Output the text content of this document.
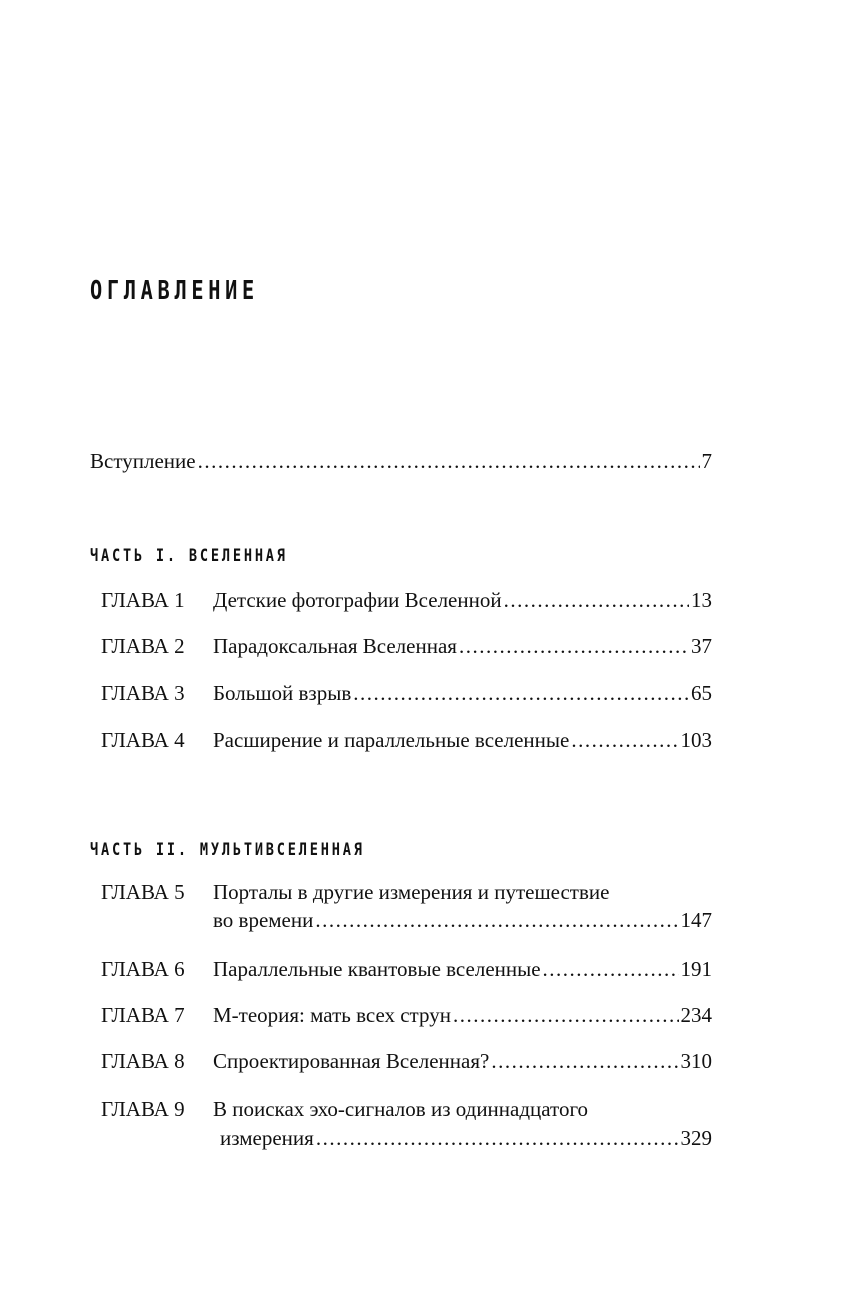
ОГЛАВЛЕНИЕ
Вступление .....	7
ЧАСТЬ I. ВСЕЛЕННАЯ
ГЛАВА 1 Детские фотографии Вселенной .....	13
ГЛАВА 2 Парадоксальная Вселенная .....	37
ГЛАВА 3 Большой взрыв .....	65
ГЛАВА 4 Расширение и параллельные вселенные .....	103
ЧАСТЬ II. МУЛЬТИВСЕЛЕННАЯ
ГЛАВА 5 Порталы в другие измерения и путешествие
во времени .....	147
ГЛАВА 6 Параллельные квантовые вселенные .....	191
ГЛАВА 7 М-теория: мать всех струн .....	234
ГЛАВА 8 Спроектированная Вселенная? .....	310
ГЛАВА 9 В поисках эхо-сигналов из одиннадцатого
измерения .....	329
